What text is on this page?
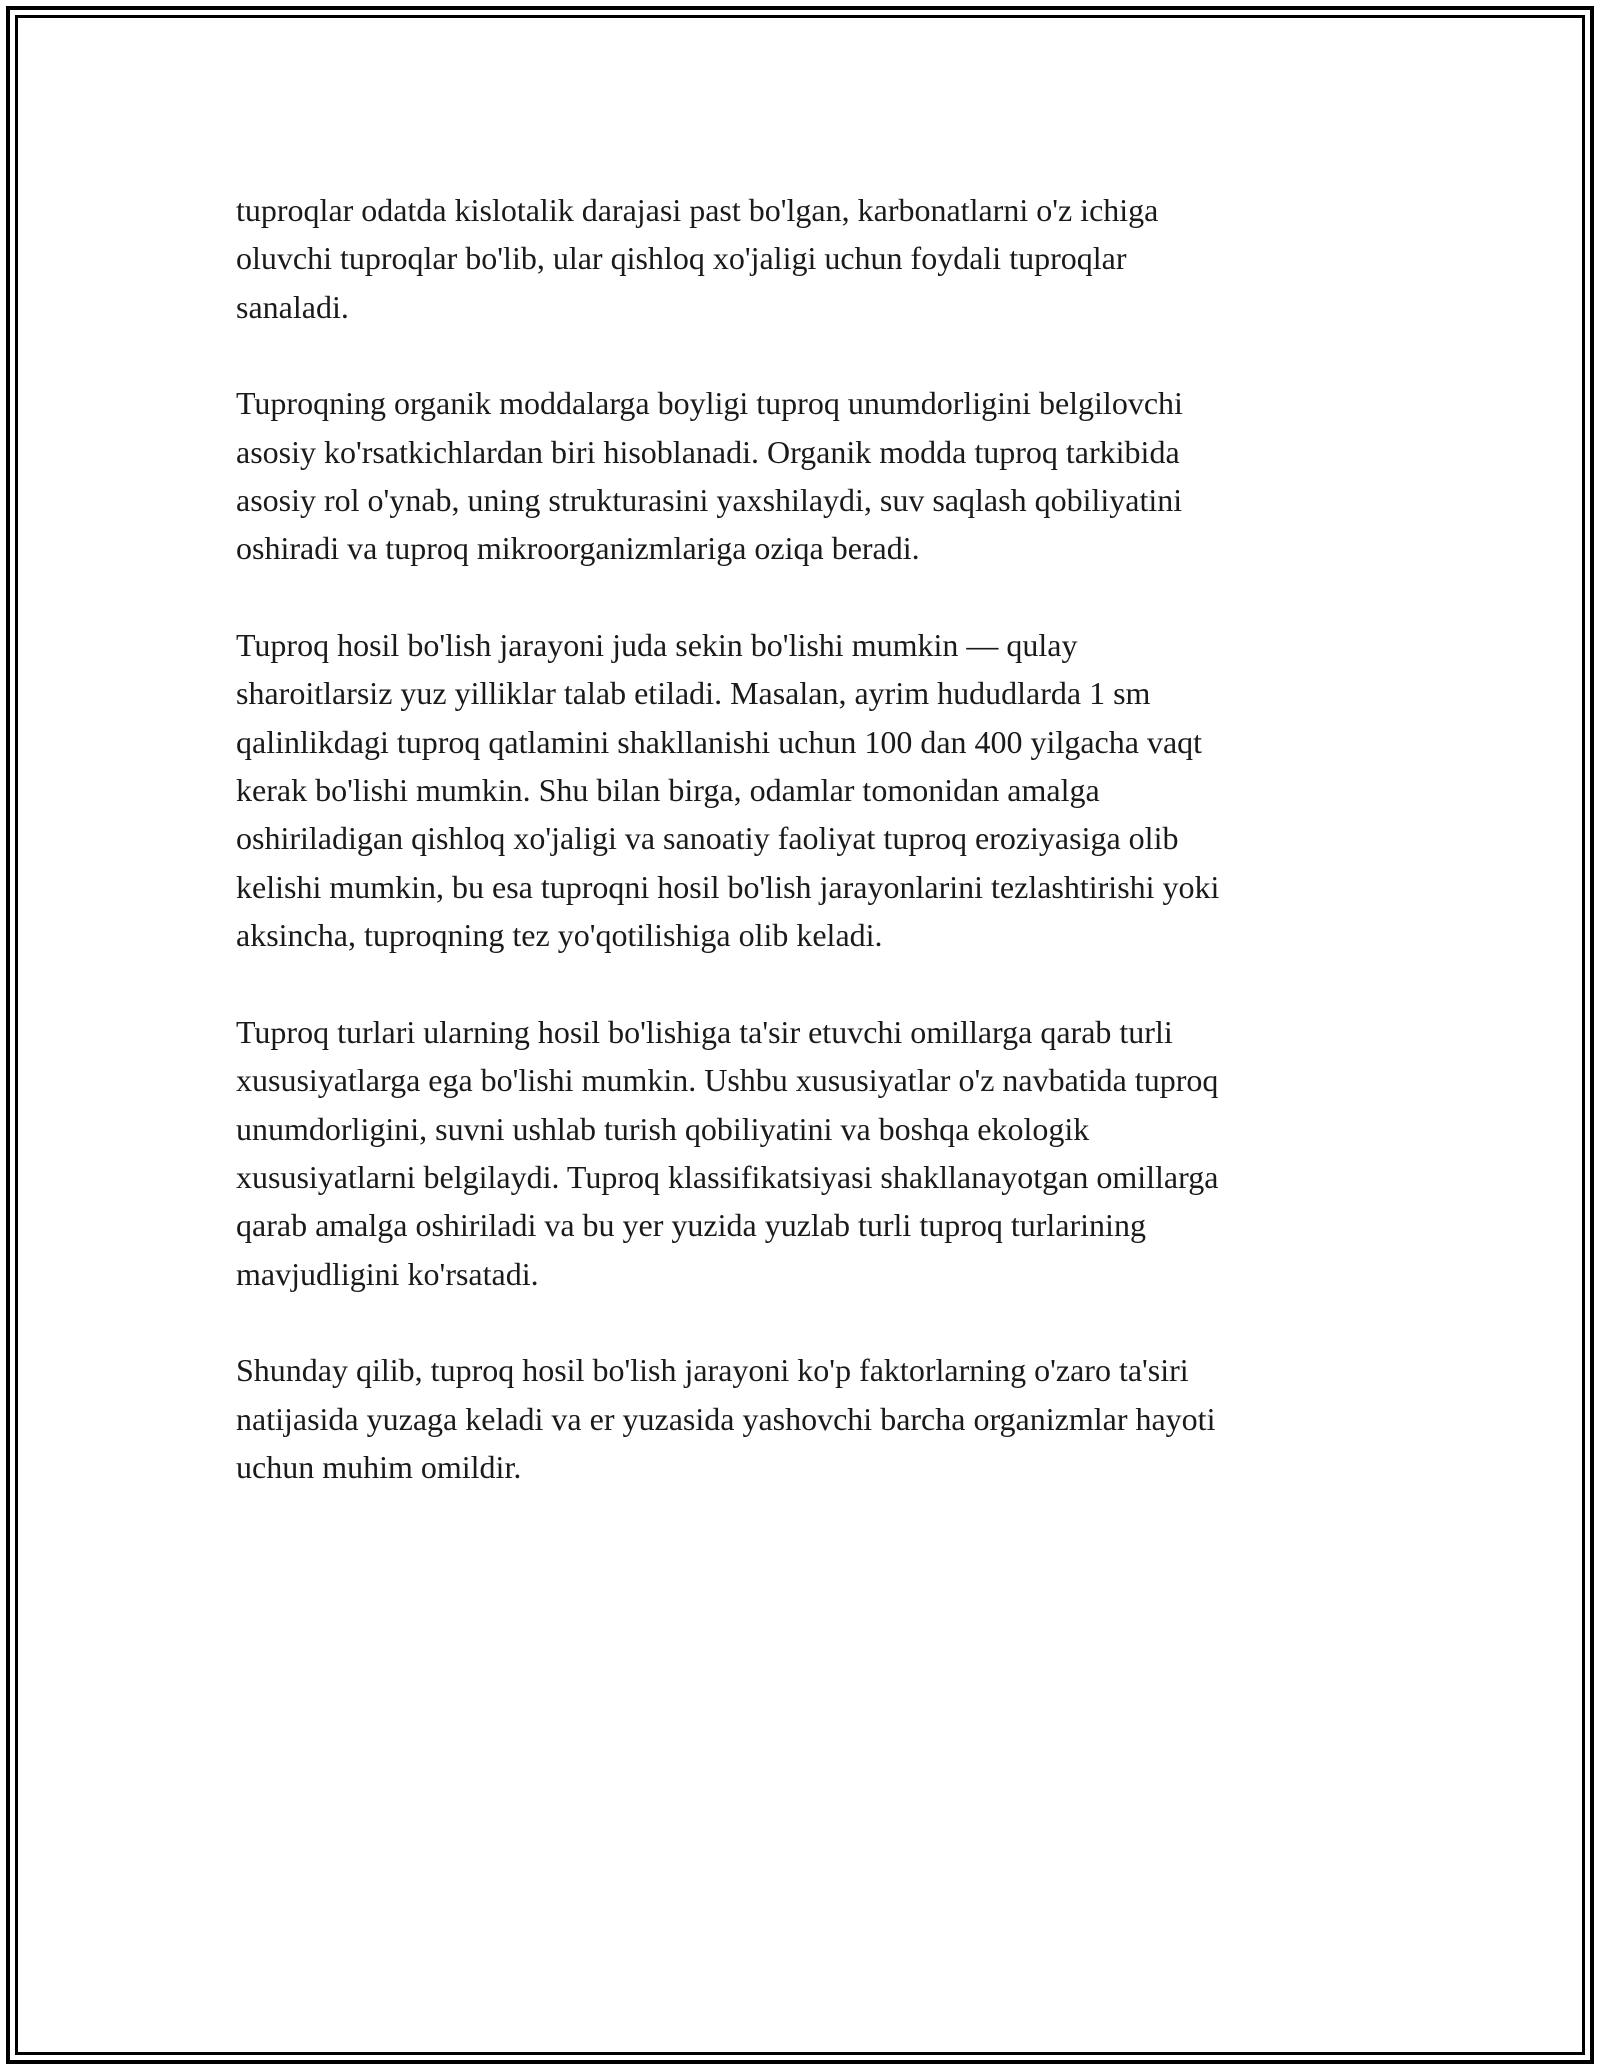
tuproqlar odatda kislotalik darajasi past bo'lgan, karbonatlarni o'z ichiga
oluvchi tuproqlar bo'lib, ular qishloq xo'jaligi uchun foydali tuproqlar
sanaladi.

Tuproqning organik moddalarga boyligi tuproq unumdorligini belgilovchi
asosiy ko'rsatkichlardan biri hisoblanadi. Organik modda tuproq tarkibida
asosiy rol o'ynab, uning strukturasini yaxshilaydi, suv saqlash qobiliyatini
oshiradi va tuproq mikroorganizmlariga oziqa beradi.

Tuproq hosil bo'lish jarayoni juda sekin bo'lishi mumkin — qulay
sharoitlarsiz yuz yilliklar talab etiladi. Masalan, ayrim hududlarda 1 sm
qalinlikdagi tuproq qatlamini shakllanishi uchun 100 dan 400 yilgacha vaqt
kerak bo'lishi mumkin. Shu bilan birga, odamlar tomonidan amalga
oshiriladigan qishloq xo'jaligi va sanoatiy faoliyat tuproq eroziyasiga olib
kelishi mumkin, bu esa tuproqni hosil bo'lish jarayonlarini tezlashtirishi yoki
aksincha, tuproqning tez yo'qotilishiga olib keladi.

Tuproq turlari ularning hosil bo'lishiga ta'sir etuvchi omillarga qarab turli
xususiyatlarga ega bo'lishi mumkin. Ushbu xususiyatlar o'z navbatida tuproq
unumdorligini, suvni ushlab turish qobiliyatini va boshqa ekologik
xususiyatlarni belgilaydi. Tuproq klassifikatsiyasi shakllanayotgan omillarga
qarab amalga oshiriladi va bu yer yuzida yuzlab turli tuproq turlarining
mavjudligini ko'rsatadi.

Shunday qilib, tuproq hosil bo'lish jarayoni ko'p faktorlarning o'zaro ta'siri
natijasida yuzaga keladi va er yuzasida yashovchi barcha organizmlar hayoti
uchun muhim omildir.
